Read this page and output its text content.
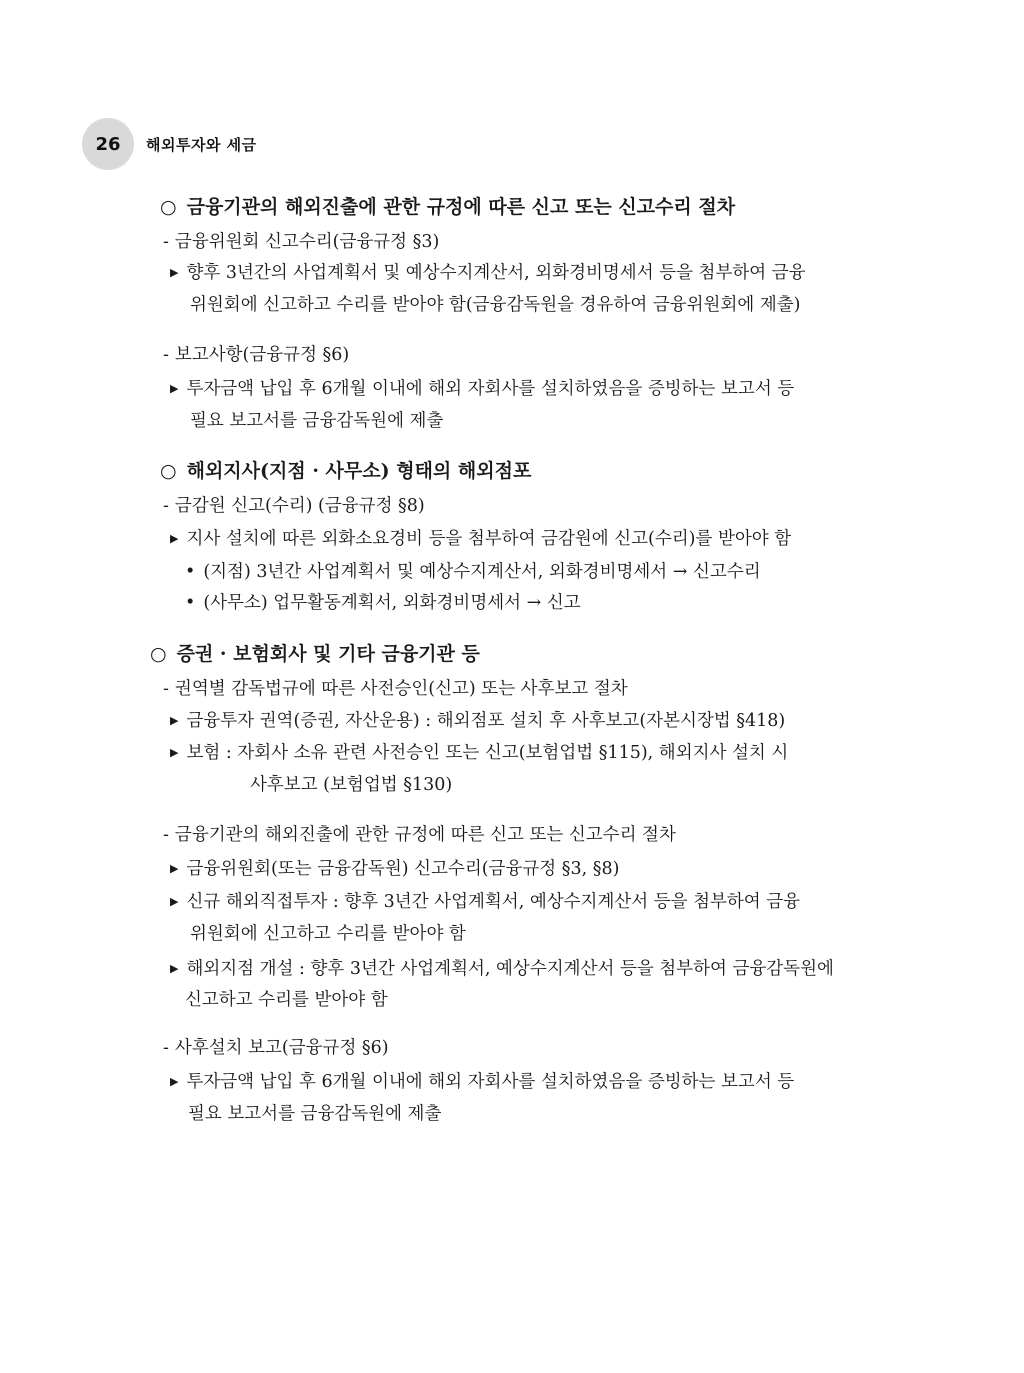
26	해외투자와 세금
○ 금융기관의 해외진출에 관한 규정에 따른 신고 또는 신고수리 절차
- 금융위원회 신고수리(금융규정 §3)
▶ 향후 3년간의 사업계획서 및 예상수지계산서, 외화경비명세서 등을 첨부하여 금융
위원회에 신고하고 수리를 받아야 함(금융감독원을 경유하여 금융위원회에 제출)
- 보고사항(금융규정 §6)
▶ 투자금액 납입 후 6개월 이내에 해외 자회사를 설치하였음을 증빙하는 보고서 등
필요 보고서를 금융감독원에 제출
○ 해외지사(지점 · 사무소) 형태의 해외점포
- 금감원 신고(수리) (금융규정 §8)
▶ 지사 설치에 따른 외화소요경비 등을 첨부하여 금감원에 신고(수리)를 받아야 함
• (지점) 3년간 사업계획서 및 예상수지계산서, 외화경비명세서 → 신고수리
• (사무소) 업무활동계획서, 외화경비명세서 → 신고
○ 증권 · 보험회사 및 기타 금융기관 등
- 권역별 감독법규에 따른 사전승인(신고) 또는 사후보고 절차
▶ 금융투자 권역(증권, 자산운용) : 해외점포 설치 후 사후보고(자본시장법 §418)
▶ 보험 : 자회사 소유 관련 사전승인 또는 신고(보험업법 §115), 해외지사 설치 시
사후보고 (보험업법 §130)
- 금융기관의 해외진출에 관한 규정에 따른 신고 또는 신고수리 절차
▶ 금융위원회(또는 금융감독원) 신고수리(금융규정 §3, §8)
▶ 신규 해외직접투자 : 향후 3년간 사업계획서, 예상수지계산서 등을 첨부하여 금융
위원회에 신고하고 수리를 받아야 함
▶ 해외지점 개설 : 향후 3년간 사업계획서, 예상수지계산서 등을 첨부하여 금융감독원에
신고하고 수리를 받아야 함
- 사후설치 보고(금융규정 §6)
▶ 투자금액 납입 후 6개월 이내에 해외 자회사를 설치하였음을 증빙하는 보고서 등
필요 보고서를 금융감독원에 제출
